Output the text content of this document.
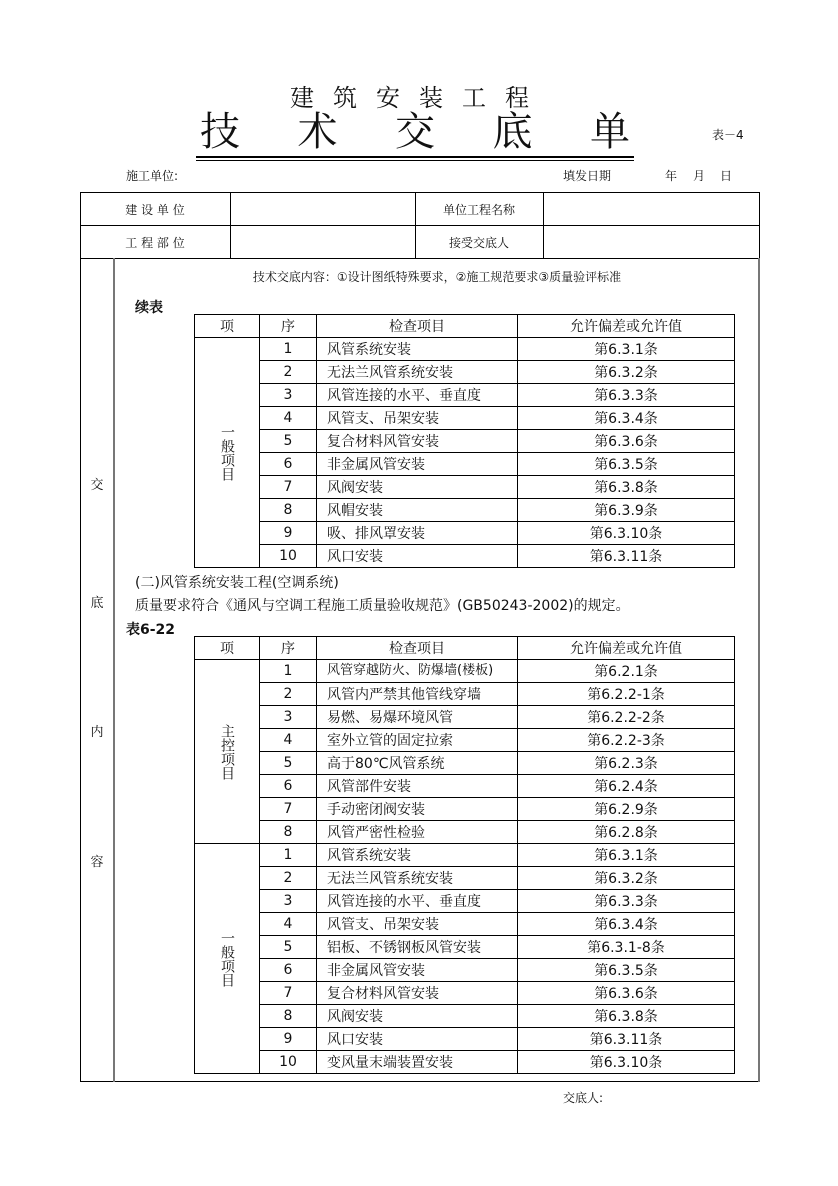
建筑安装工程
技 术 交 底 单	表－4
施工单位:	填发日期	年 月 日
建 设 单 位	单位工程名称
工 程 部 位	接受交底人
交
底
内
容
技术交底内容：①设计图纸特殊要求，②施工规范要求③质量验评标准
续表
项	序	检查项目	允许偏差或允许值
一般项目	1	风管系统安装	第6.3.1条
	2	无法兰风管系统安装	第6.3.2条
	3	风管连接的水平、垂直度	第6.3.3条
	4	风管支、吊架安装	第6.3.4条
	5	复合材料风管安装	第6.3.6条
	6	非金属风管安装	第6.3.5条
	7	风阀安装	第6.3.8条
	8	风帽安装	第6.3.9条
	9	吸、排风罩安装	第6.3.10条
	10	风口安装	第6.3.11条
(二)风管系统安装工程(空调系统)
质量要求符合《通风与空调工程施工质量验收规范》(GB50243-2002)的规定。
表6-22
项	序	检查项目	允许偏差或允许值
主控项目	1	风管穿越防火、防爆墙(楼板)	第6.2.1条
	2	风管内严禁其他管线穿墙	第6.2.2-1条
	3	易燃、易爆环境风管	第6.2.2-2条
	4	室外立管的固定拉索	第6.2.2-3条
	5	高于80℃风管系统	第6.2.3条
	6	风管部件安装	第6.2.4条
	7	手动密闭阀安装	第6.2.9条
	8	风管严密性检验	第6.2.8条
一般项目	1	风管系统安装	第6.3.1条
	2	无法兰风管系统安装	第6.3.2条
	3	风管连接的水平、垂直度	第6.3.3条
	4	风管支、吊架安装	第6.3.4条
	5	铝板、不锈钢板风管安装	第6.3.1-8条
	6	非金属风管安装	第6.3.5条
	7	复合材料风管安装	第6.3.6条
	8	风阀安装	第6.3.8条
	9	风口安装	第6.3.11条
	10	变风量末端装置安装	第6.3.10条
交底人:
